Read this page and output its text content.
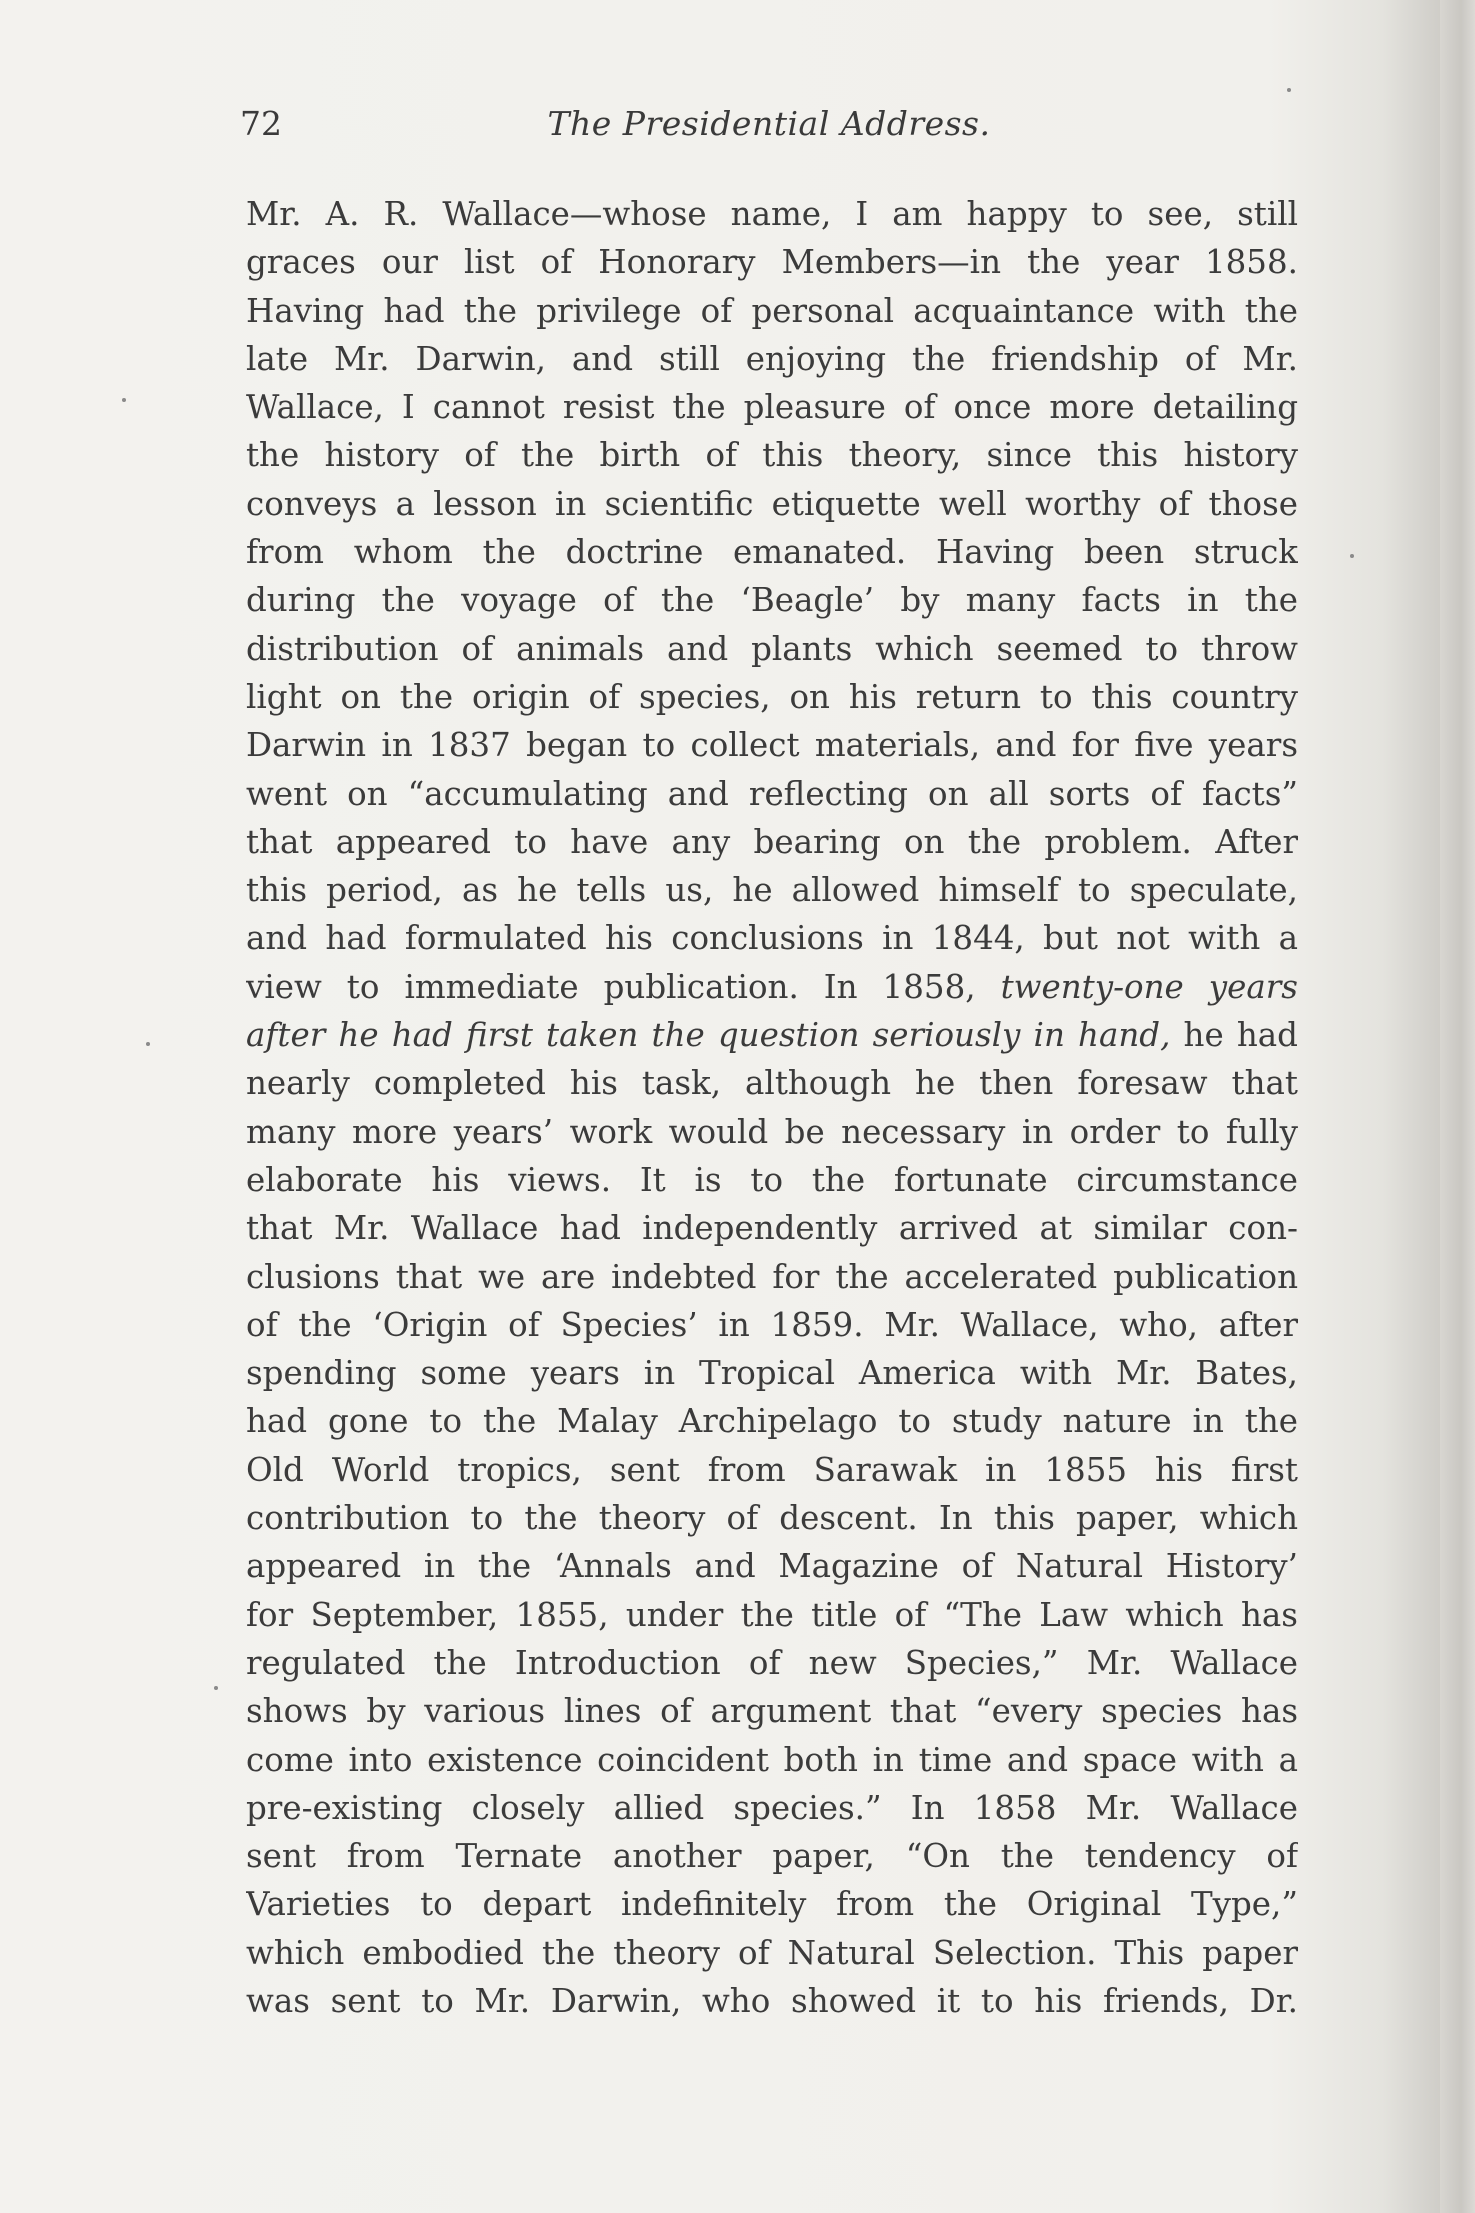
72	The Presidential Address.
Mr. A. R. Wallace—whose name, I am happy to see, still
graces our list of Honorary Members—in the year 1858.
Having had the privilege of personal acquaintance with the
late Mr. Darwin, and still enjoying the friendship of Mr.
Wallace, I cannot resist the pleasure of once more detailing
the history of the birth of this theory, since this history
conveys a lesson in scientific etiquette well worthy of those
from whom the doctrine emanated. Having been struck
during the voyage of the ‘Beagle’ by many facts in the
distribution of animals and plants which seemed to throw
light on the origin of species, on his return to this country
Darwin in 1837 began to collect materials, and for five years
went on “accumulating and reflecting on all sorts of facts”
that appeared to have any bearing on the problem. After
this period, as he tells us, he allowed himself to speculate,
and had formulated his conclusions in 1844, but not with a
view to immediate publication. In 1858, twenty-one years
after he had first taken the question seriously in hand, he had
nearly completed his task, although he then foresaw that
many more years’ work would be necessary in order to fully
elaborate his views. It is to the fortunate circumstance
that Mr. Wallace had independently arrived at similar con-
clusions that we are indebted for the accelerated publication
of the ‘Origin of Species’ in 1859. Mr. Wallace, who, after
spending some years in Tropical America with Mr. Bates,
had gone to the Malay Archipelago to study nature in the
Old World tropics, sent from Sarawak in 1855 his first
contribution to the theory of descent. In this paper, which
appeared in the ‘Annals and Magazine of Natural History’
for September, 1855, under the title of “The Law which has
regulated the Introduction of new Species,” Mr. Wallace
shows by various lines of argument that “every species has
come into existence coincident both in time and space with a
pre-existing closely allied species.” In 1858 Mr. Wallace
sent from Ternate another paper, “On the tendency of
Varieties to depart indefinitely from the Original Type,”
which embodied the theory of Natural Selection. This paper
was sent to Mr. Darwin, who showed it to his friends, Dr.
